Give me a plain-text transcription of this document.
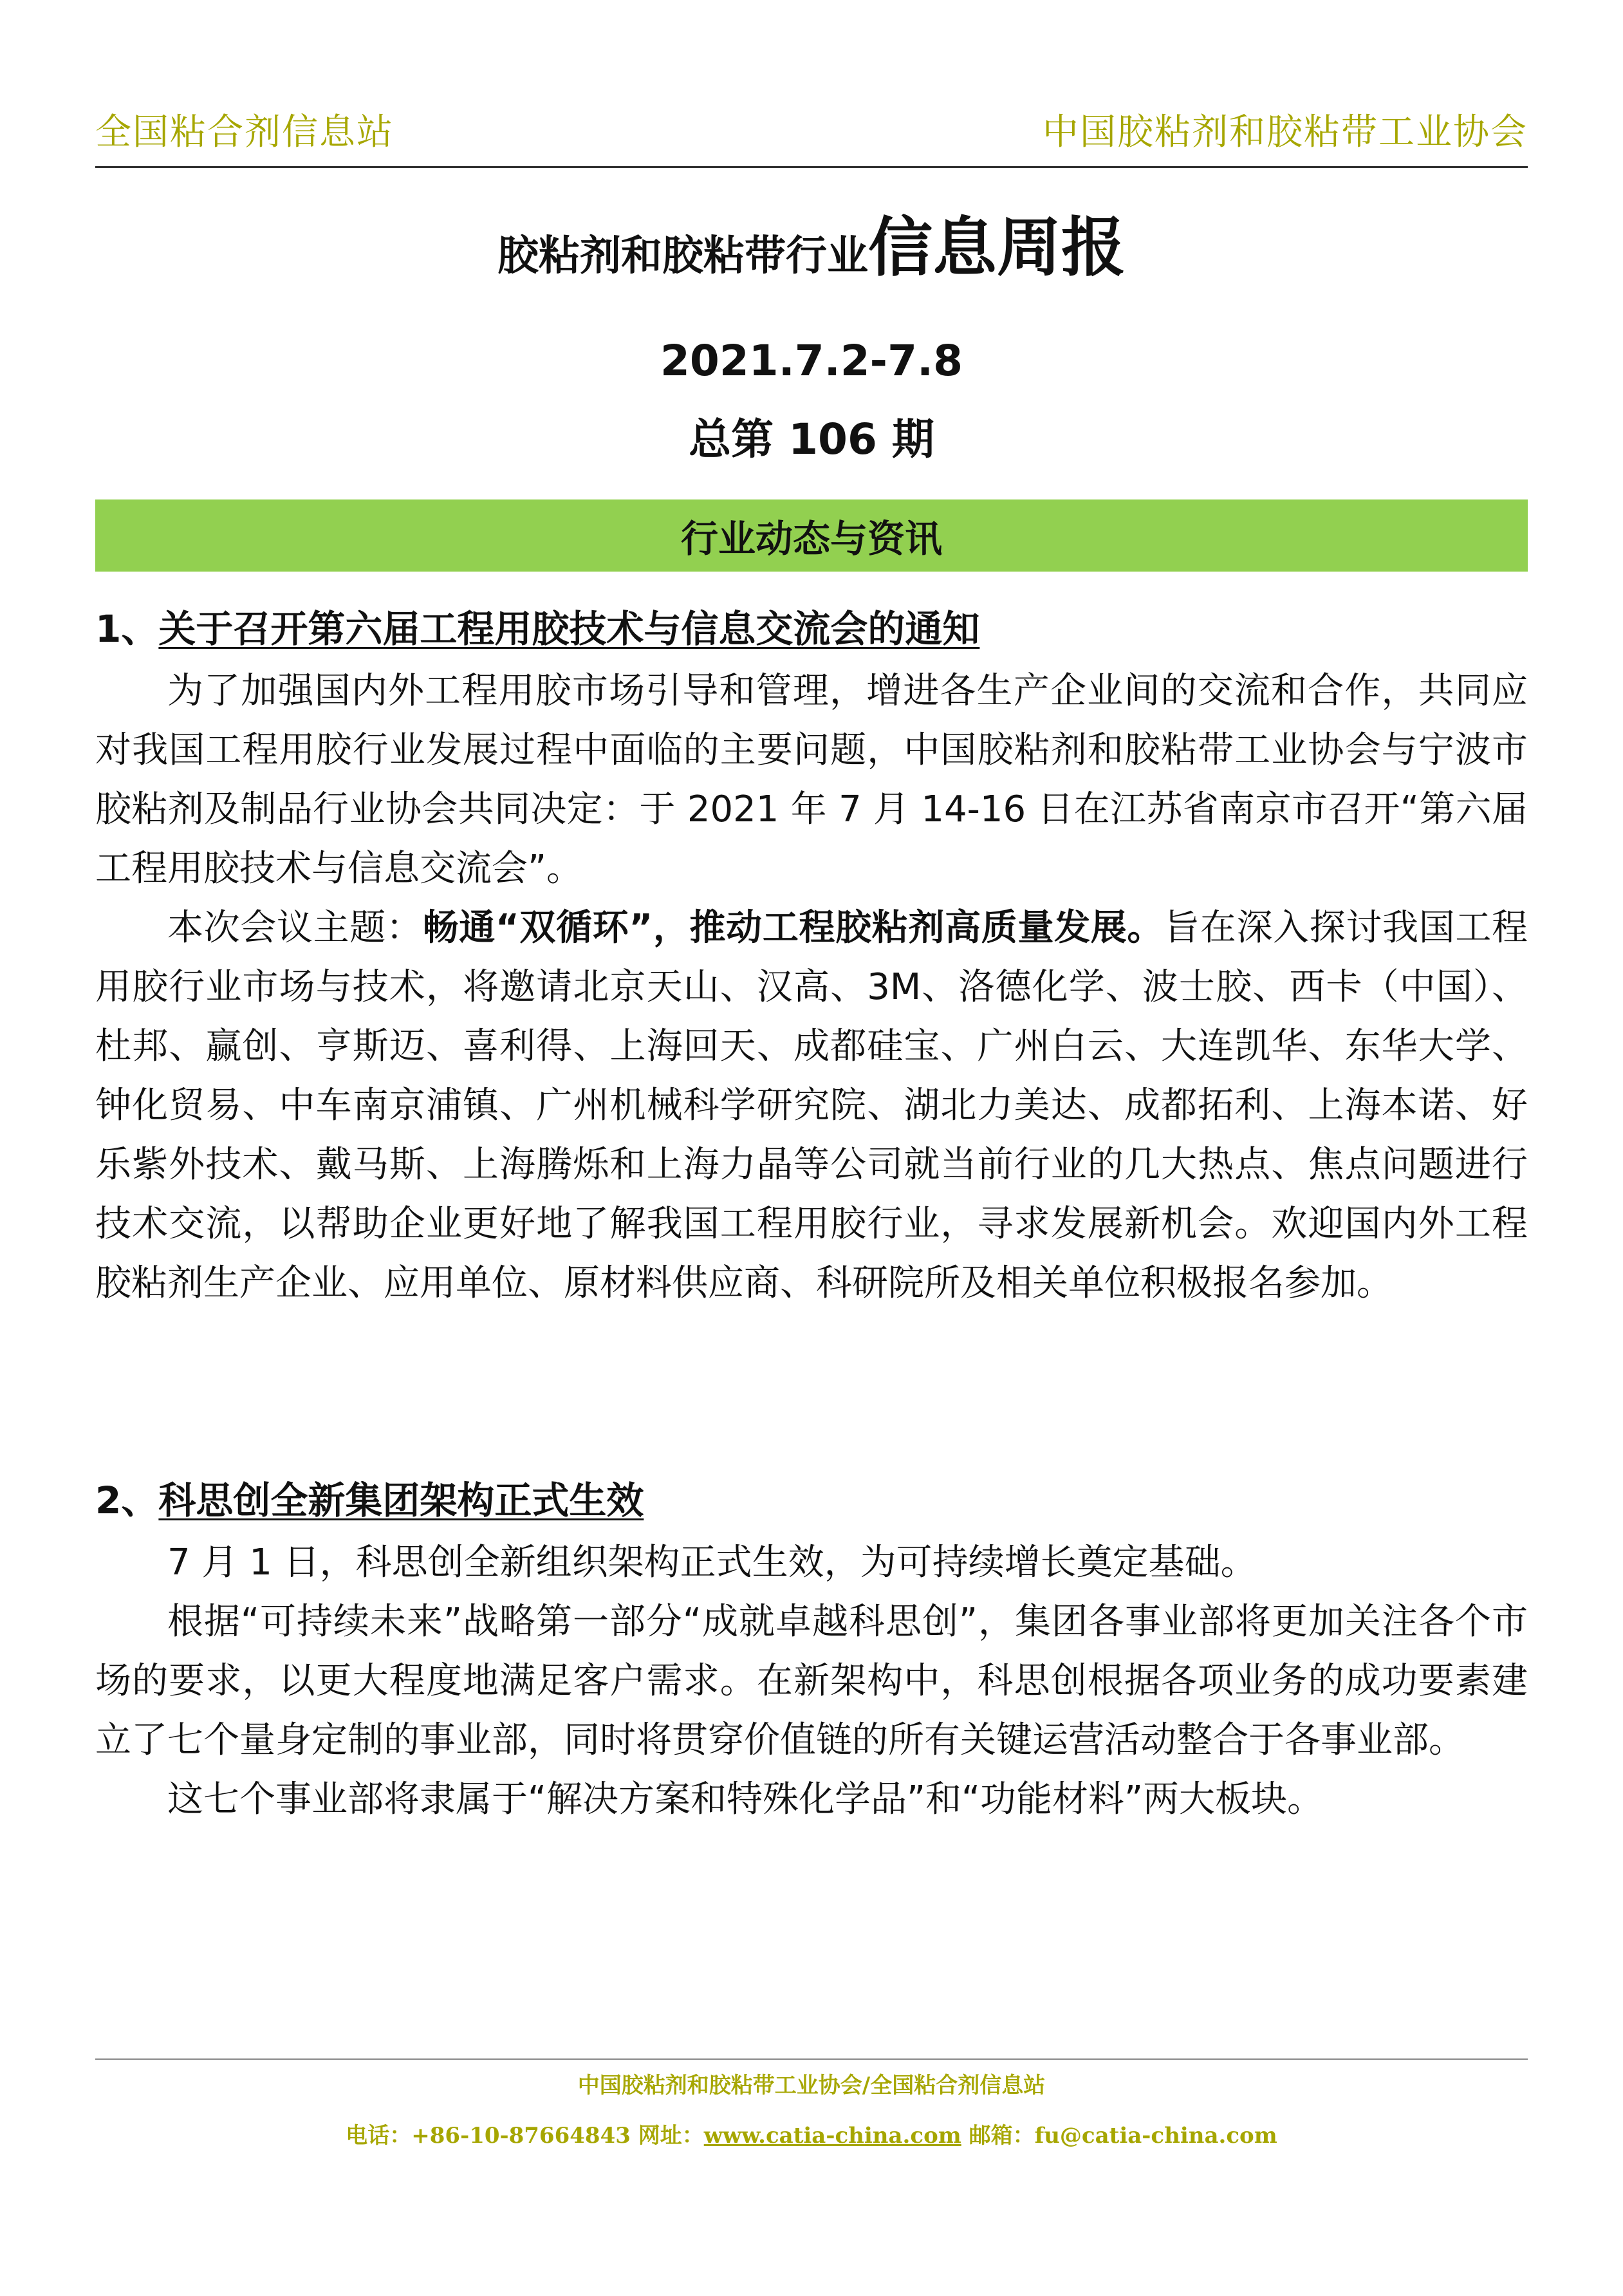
全国粘合剂信息站	中国胶粘剂和胶粘带工业协会
胶粘剂和胶粘带行业信息周报
2021.7.2-7.8
总第 106 期
行业动态与资讯
1、关于召开第六届工程用胶技术与信息交流会的通知

为了加强国内外工程用胶市场引导和管理，增进各生产企业间的交流和合作，共同应对我国工程用胶行业发展过程中面临的主要问题，中国胶粘剂和胶粘带工业协会与宁波市胶粘剂及制品行业协会共同决定：于 2021 年 7 月 14-16 日在江苏省南京市召开“第六届工程用胶技术与信息交流会”。

本次会议主题：畅通“双循环”，推动工程胶粘剂高质量发展。旨在深入探讨我国工程用胶行业市场与技术，将邀请北京天山、汉高、3M、洛德化学、波士胶、西卡（中国）、杜邦、赢创、亨斯迈、喜利得、上海回天、成都硅宝、广州白云、大连凯华、东华大学、钟化贸易、中车南京浦镇、广州机械科学研究院、湖北力美达、成都拓利、上海本诺、好乐紫外技术、戴马斯、上海腾烁和上海力晶等公司就当前行业的几大热点、焦点问题进行技术交流，以帮助企业更好地了解我国工程用胶行业，寻求发展新机会。欢迎国内外工程胶粘剂生产企业、应用单位、原材料供应商、科研院所及相关单位积极报名参加。

2、科思创全新集团架构正式生效

7 月 1 日，科思创全新组织架构正式生效，为可持续增长奠定基础。

根据“可持续未来”战略第一部分“成就卓越科思创”，集团各事业部将更加关注各个市场的要求，以更大程度地满足客户需求。在新架构中，科思创根据各项业务的成功要素建立了七个量身定制的事业部，同时将贯穿价值链的所有关键运营活动整合于各事业部。

这七个事业部将隶属于“解决方案和特殊化学品”和“功能材料”两大板块。

中国胶粘剂和胶粘带工业协会/全国粘合剂信息站
电话：+86-10-87664843 网址：www.catia-china.com 邮箱：fu@catia-china.com
